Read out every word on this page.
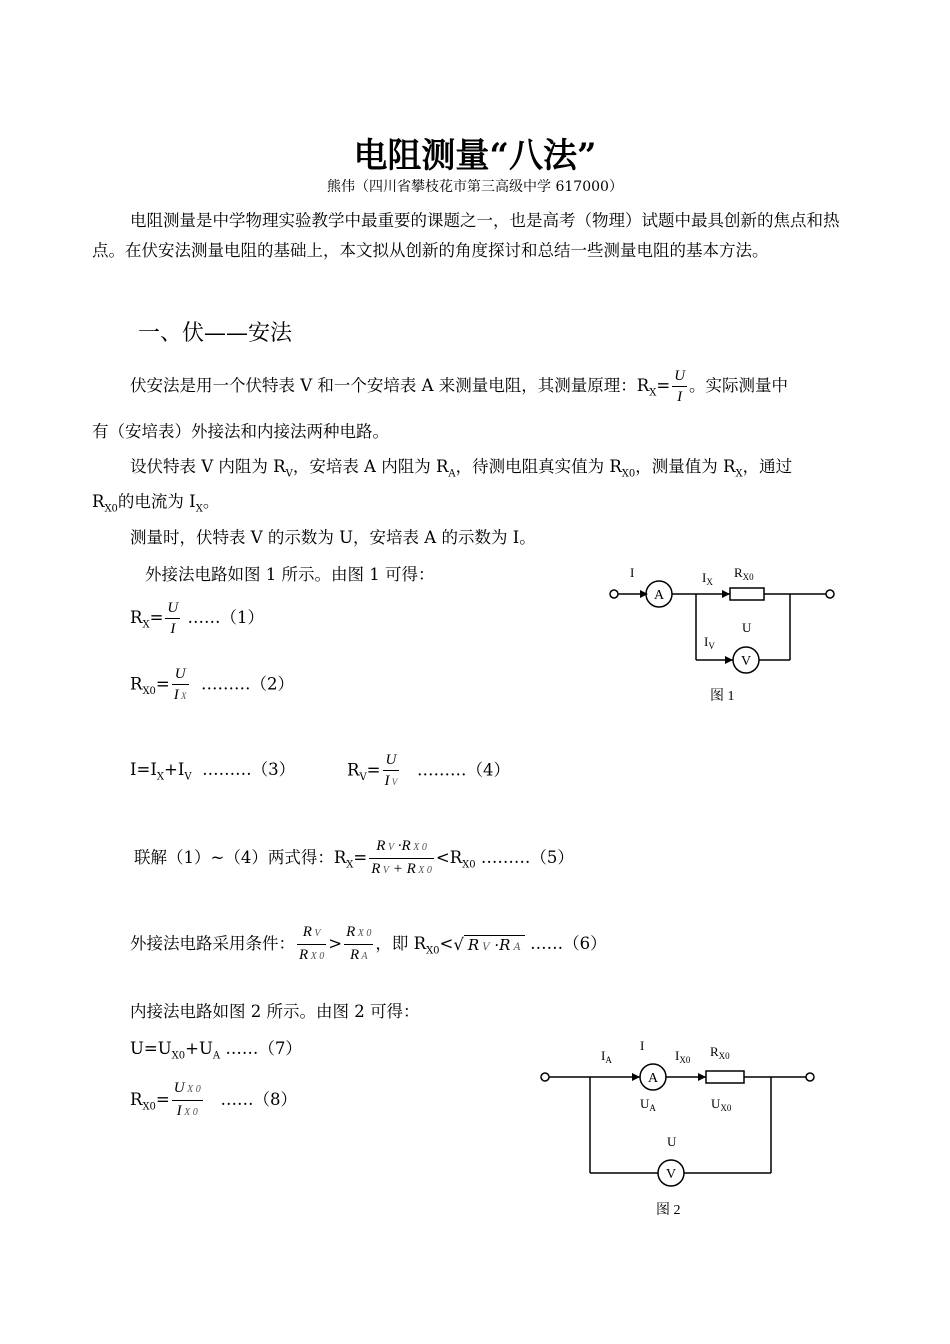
电阻测量“八法”
熊伟（四川省攀枝花市第三高级中学 617000）
电阻测量是中学物理实验教学中最重要的课题之一，也是高考（物理）试题中最具创新的焦点和热点。在伏安法测量电阻的基础上，本文拟从创新的角度探讨和总结一些测量电阻的基本方法。
一、伏——安法
伏安法是用一个伏特表 V 和一个安培表 A 来测量电阻，其测量原理：$R_X= \frac{U}{I}$ 。实际测量中
有（安培表）外接法和内接法两种电路。
设伏特表 V 内阻为 $R_V$，安培表 A 内阻为 $R_A$，待测电阻真实值为 $R_{X0}$，测量值为 $R_X$，通过
$R_{X0}$的电流为 $I_X$。
测量时，伏特表 V 的示数为 U，安培表 A 的示数为 I。
外接法电路如图 1 所示。由图 1 可得：
$R_X= \frac{U}{I}$ ……（1）
$R_{X0}= \frac{U}{\text{I X}}$ ………（2）
$I=I_X+I_V$ ………（3）	$R_V= \frac{U}{\text{I V}}$ ………（4）
联解（1）~（4）两式得：$R_X= \frac{\text{R V ·R X 0}}{\text{R V + R X 0}} <R_{X0}$ ………（5）
外接法电路采用条件： $\frac{\text{R V}}{\text{R X 0}} > \frac{\text{R X 0}}{\text{R A}}$ ，即 $R_{X0}<√$ R V ·R A ……（6）
内接法电路如图 2 所示。由图 2 可得：
$U=U_{X0}+U_A$ ……（7）
$R_{X0}= \frac{\text{U X 0}}{\text{I X 0}}$ ……（8）
A
V
I	$I_X$
$R_{X0}$
U
$I_V$
图 1
A
V
$I_A$
I
$I_{X0}$
$R_{X0}$
$U_A$	$U_{X0}$
U
图 2
